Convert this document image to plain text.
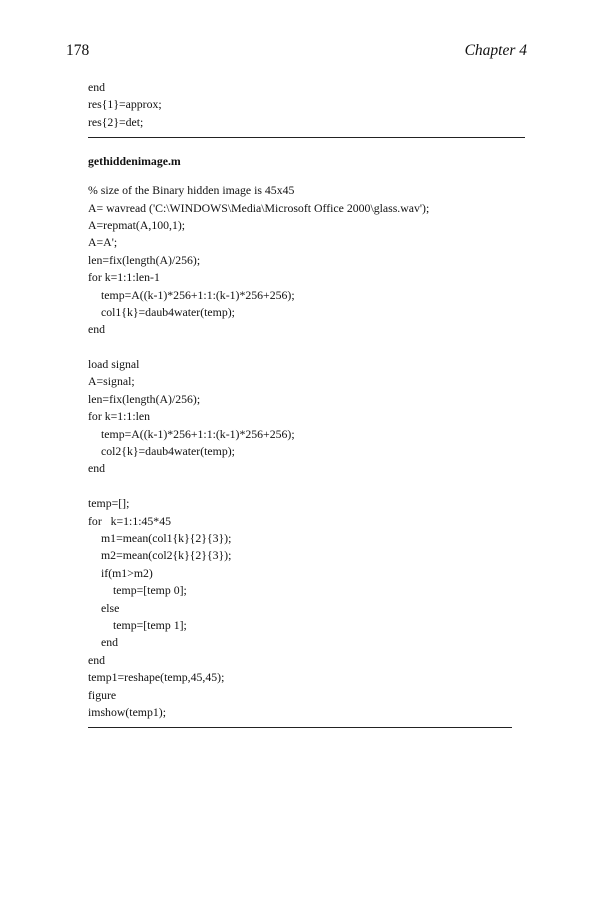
178	Chapter 4
end
res{1}=approx;
res{2}=det;
gethiddenimage.m
% size of the Binary hidden image is 45x45
A= wavread ('C:\WINDOWS\Media\Microsoft Office 2000\glass.wav');
A=repmat(A,100,1);
A=A';
len=fix(length(A)/256);
for k=1:1:len-1
temp=A((k-1)*256+1:1:(k-1)*256+256);
col1{k}=daub4water(temp);
end
load signal
A=signal;
len=fix(length(A)/256);
for k=1:1:len
temp=A((k-1)*256+1:1:(k-1)*256+256);
col2{k}=daub4water(temp);
end
temp=[];
for   k=1:1:45*45
m1=mean(col1{k}{2}{3});
m2=mean(col2{k}{2}{3});
if(m1>m2)
temp=[temp 0];
else
temp=[temp 1];
end
end
temp1=reshape(temp,45,45);
figure
imshow(temp1);
